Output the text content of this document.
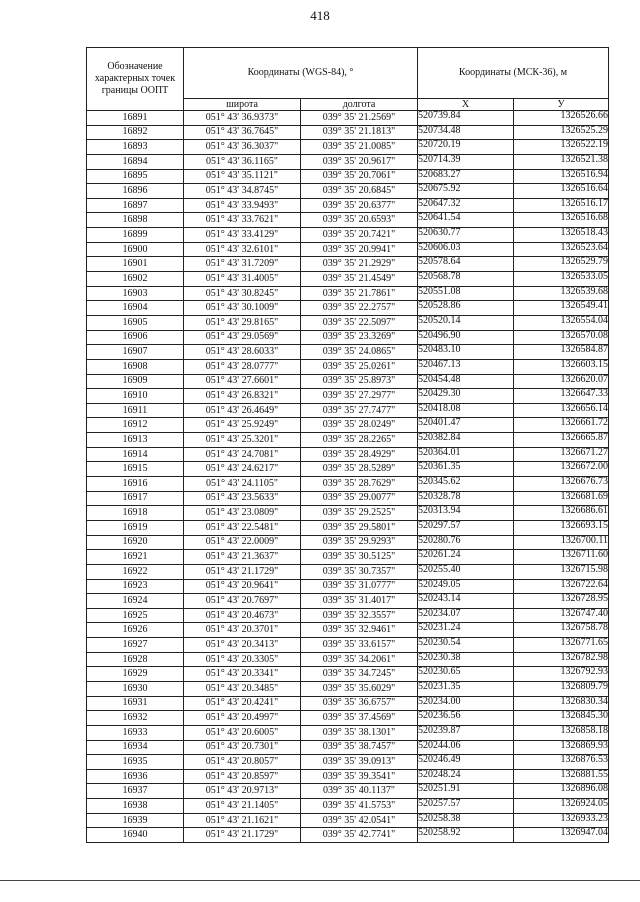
418
Обозначение характерных точек границы ООПТ	Координаты (WGS-84), °		Координаты (МСК-36), м	
	широта	долгота	X	У
16891	051° 43' 36.9373"	039° 35' 21.2569"	520739.84	1326526.66
16892	051° 43' 36.7645"	039° 35' 21.1813"	520734.48	1326525.29
16893	051° 43' 36.3037"	039° 35' 21.0085"	520720.19	1326522.19
16894	051° 43' 36.1165"	039° 35' 20.9617"	520714.39	1326521.38
16895	051° 43' 35.1121"	039° 35' 20.7061"	520683.27	1326516.94
16896	051° 43' 34.8745"	039° 35' 20.6845"	520675.92	1326516.64
16897	051° 43' 33.9493"	039° 35' 20.6377"	520647.32	1326516.17
16898	051° 43' 33.7621"	039° 35' 20.6593"	520641.54	1326516.68
16899	051° 43' 33.4129"	039° 35' 20.7421"	520630.77	1326518.43
16900	051° 43' 32.6101"	039° 35' 20.9941"	520606.03	1326523.64
16901	051° 43' 31.7209"	039° 35' 21.2929"	520578.64	1326529.79
16902	051° 43' 31.4005"	039° 35' 21.4549"	520568.78	1326533.05
16903	051° 43' 30.8245"	039° 35' 21.7861"	520551.08	1326539.68
16904	051° 43' 30.1009"	039° 35' 22.2757"	520528.86	1326549.41
16905	051° 43' 29.8165"	039° 35' 22.5097"	520520.14	1326554.04
16906	051° 43' 29.0569"	039° 35' 23.3269"	520496.90	1326570.08
16907	051° 43' 28.6033"	039° 35' 24.0865"	520483.10	1326584.87
16908	051° 43' 28.0777"	039° 35' 25.0261"	520467.13	1326603.15
16909	051° 43' 27.6601"	039° 35' 25.8973"	520454.48	1326620.07
16910	051° 43' 26.8321"	039° 35' 27.2977"	520429.30	1326647.33
16911	051° 43' 26.4649"	039° 35' 27.7477"	520418.08	1326656.14
16912	051° 43' 25.9249"	039° 35' 28.0249"	520401.47	1326661.72
16913	051° 43' 25.3201"	039° 35' 28.2265"	520382.84	1326665.87
16914	051° 43' 24.7081"	039° 35' 28.4929"	520364.01	1326671.27
16915	051° 43' 24.6217"	039° 35' 28.5289"	520361.35	1326672.00
16916	051° 43' 24.1105"	039° 35' 28.7629"	520345.62	1326676.73
16917	051° 43' 23.5633"	039° 35' 29.0077"	520328.78	1326681.69
16918	051° 43' 23.0809"	039° 35' 29.2525"	520313.94	1326686.61
16919	051° 43' 22.5481"	039° 35' 29.5801"	520297.57	1326693.15
16920	051° 43' 22.0009"	039° 35' 29.9293"	520280.76	1326700.11
16921	051° 43' 21.3637"	039° 35' 30.5125"	520261.24	1326711.60
16922	051° 43' 21.1729"	039° 35' 30.7357"	520255.40	1326715.98
16923	051° 43' 20.9641"	039° 35' 31.0777"	520249.05	1326722.64
16924	051° 43' 20.7697"	039° 35' 31.4017"	520243.14	1326728.95
16925	051° 43' 20.4673"	039° 35' 32.3557"	520234.07	1326747.40
16926	051° 43' 20.3701"	039° 35' 32.9461"	520231.24	1326758.78
16927	051° 43' 20.3413"	039° 35' 33.6157"	520230.54	1326771.65
16928	051° 43' 20.3305"	039° 35' 34.2061"	520230.38	1326782.98
16929	051° 43' 20.3341"	039° 35' 34.7245"	520230.65	1326792.93
16930	051° 43' 20.3485"	039° 35' 35.6029"	520231.35	1326809.79
16931	051° 43' 20.4241"	039° 35' 36.6757"	520234.00	1326830.34
16932	051° 43' 20.4997"	039° 35' 37.4569"	520236.56	1326845.30
16933	051° 43' 20.6005"	039° 35' 38.1301"	520239.87	1326858.18
16934	051° 43' 20.7301"	039° 35' 38.7457"	520244.06	1326869.93
16935	051° 43' 20.8057"	039° 35' 39.0913"	520246.49	1326876.53
16936	051° 43' 20.8597"	039° 35' 39.3541"	520248.24	1326881.55
16937	051° 43' 20.9713"	039° 35' 40.1137"	520251.91	1326896.08
16938	051° 43' 21.1405"	039° 35' 41.5753"	520257.57	1326924.05
16939	051° 43' 21.1621"	039° 35' 42.0541"	520258.38	1326933.23
16940	051° 43' 21.1729"	039° 35' 42.7741"	520258.92	1326947.04
